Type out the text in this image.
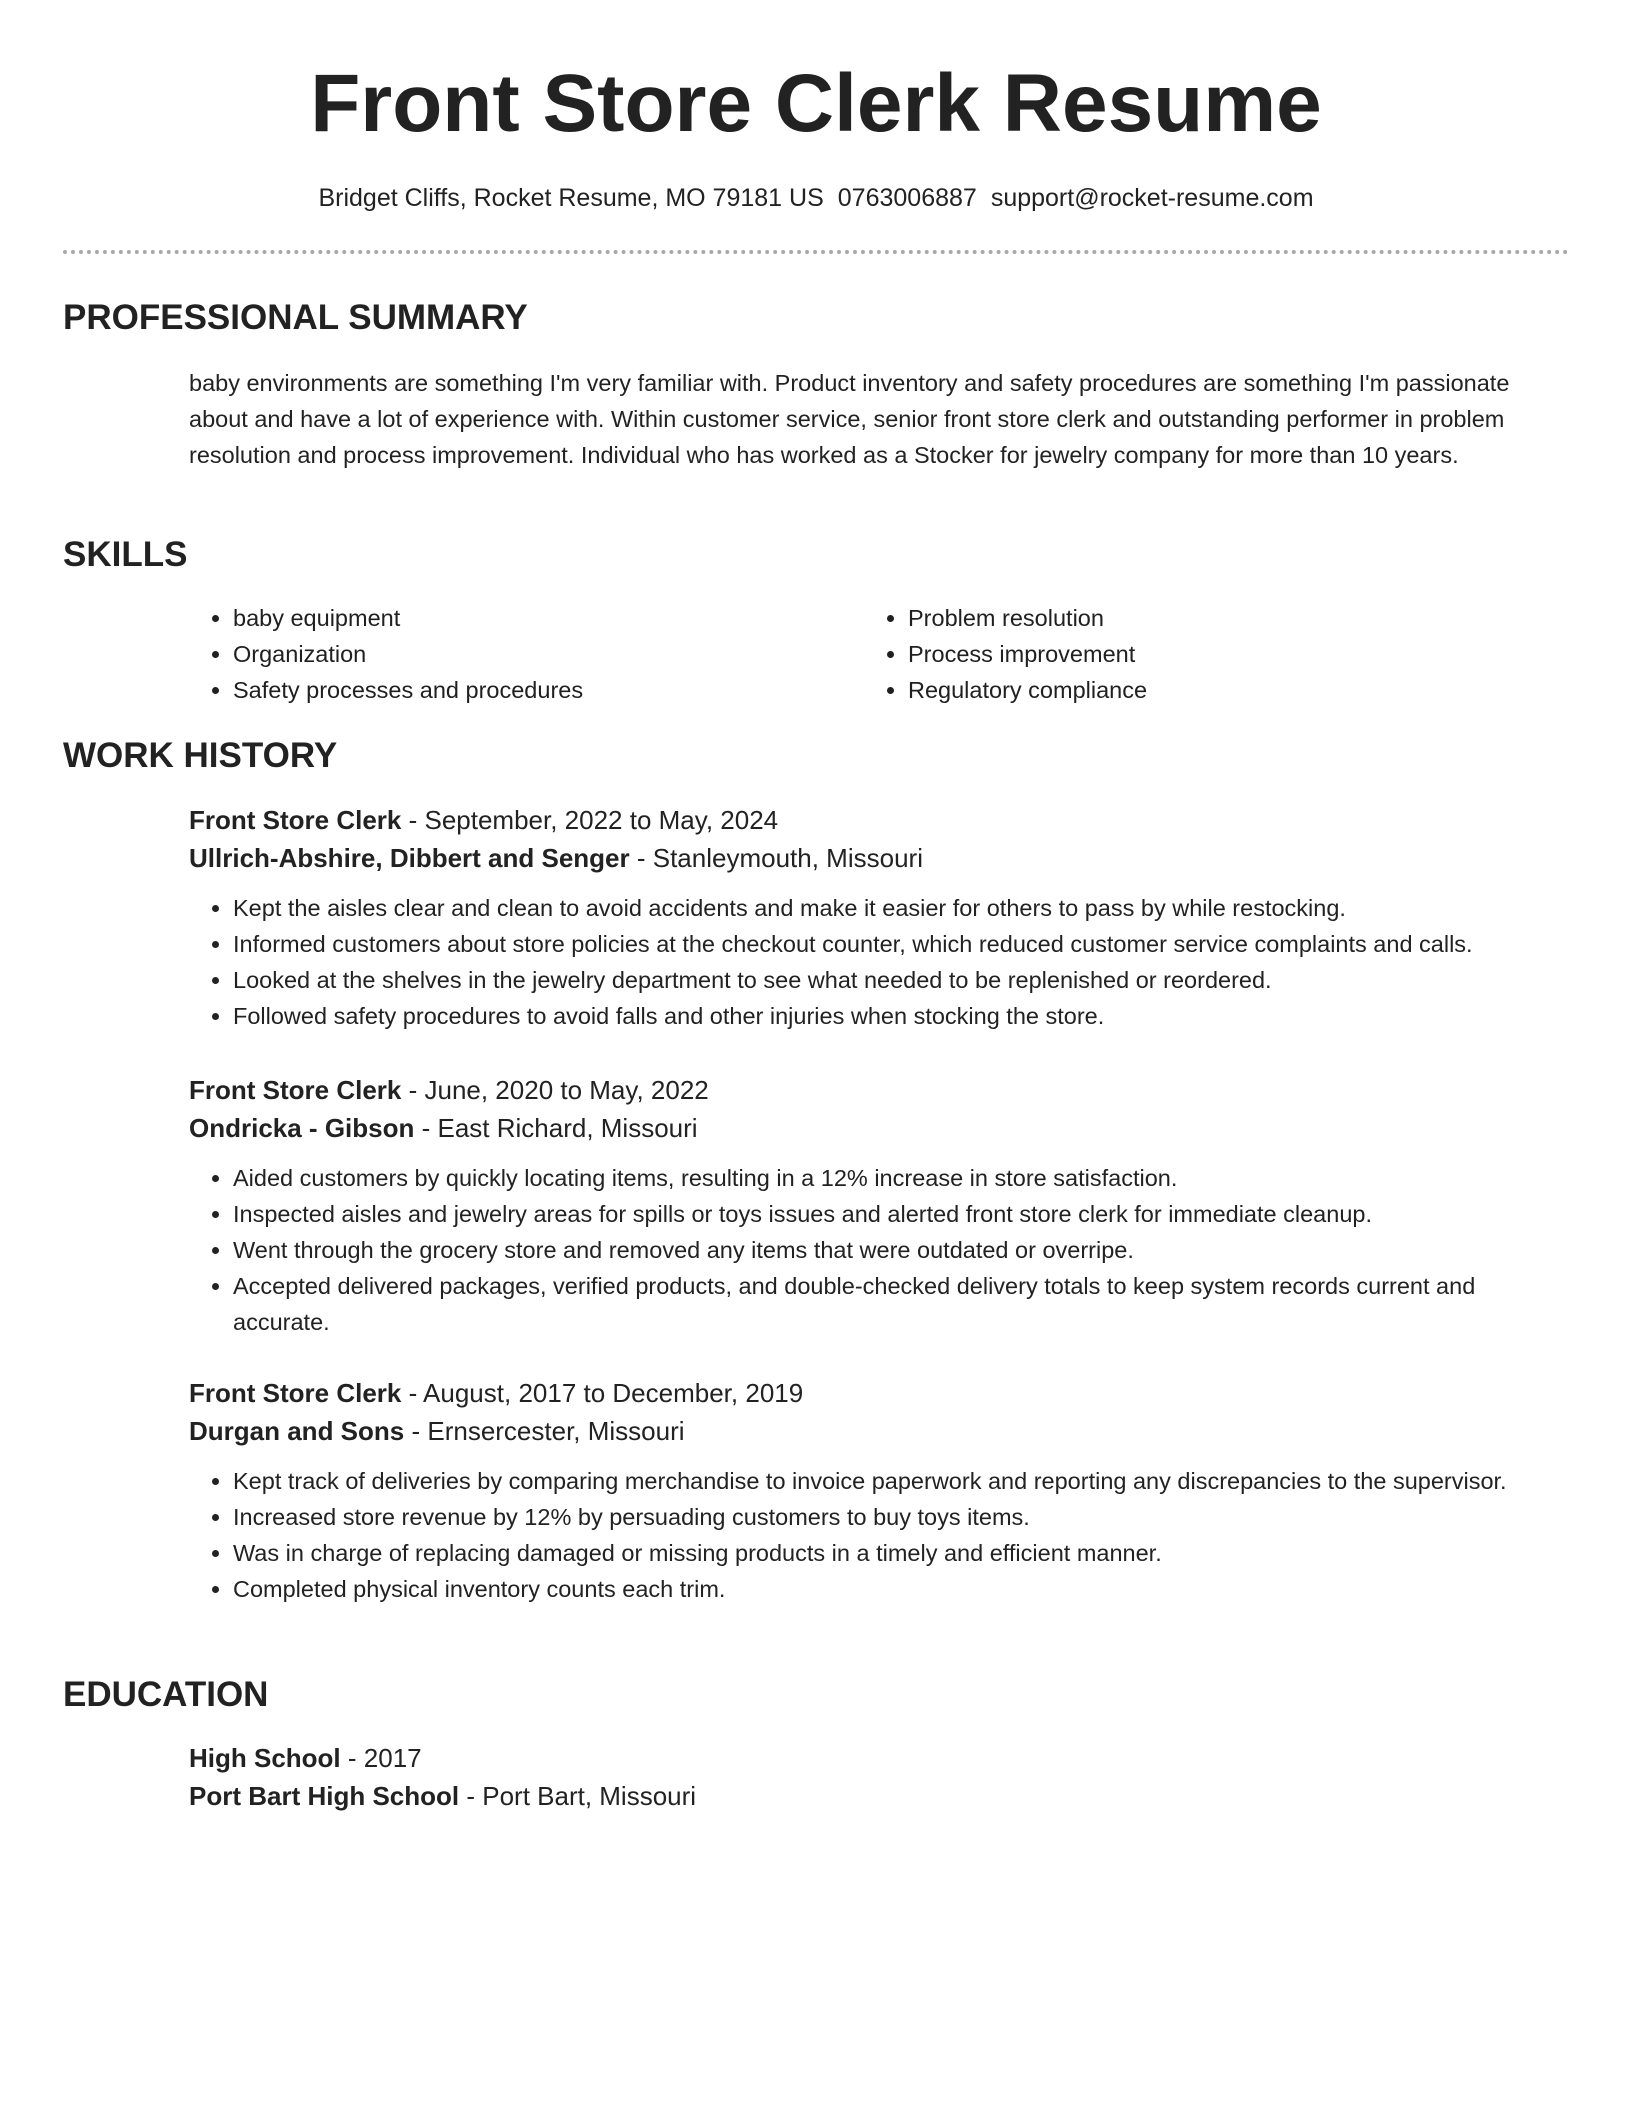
Front Store Clerk Resume
Bridget Cliffs, Rocket Resume, MO 79181 US 0763006887 support@rocket-resume.com
PROFESSIONAL SUMMARY
baby environments are something I'm very familiar with. Product inventory and safety procedures are something I'm passionate about and have a lot of experience with. Within customer service, senior front store clerk and outstanding performer in problem resolution and process improvement. Individual who has worked as a Stocker for jewelry company for more than 10 years.
SKILLS
• baby equipment
• Organization
• Safety processes and procedures
• Problem resolution
• Process improvement
• Regulatory compliance
WORK HISTORY
Front Store Clerk - September, 2022 to May, 2024
Ullrich-Abshire, Dibbert and Senger - Stanleymouth, Missouri
• Kept the aisles clear and clean to avoid accidents and make it easier for others to pass by while restocking.
• Informed customers about store policies at the checkout counter, which reduced customer service complaints and calls.
• Looked at the shelves in the jewelry department to see what needed to be replenished or reordered.
• Followed safety procedures to avoid falls and other injuries when stocking the store.
Front Store Clerk - June, 2020 to May, 2022
Ondricka - Gibson - East Richard, Missouri
• Aided customers by quickly locating items, resulting in a 12% increase in store satisfaction.
• Inspected aisles and jewelry areas for spills or toys issues and alerted front store clerk for immediate cleanup.
• Went through the grocery store and removed any items that were outdated or overripe.
• Accepted delivered packages, verified products, and double-checked delivery totals to keep system records current and accurate.
Front Store Clerk - August, 2017 to December, 2019
Durgan and Sons - Ernsercester, Missouri
• Kept track of deliveries by comparing merchandise to invoice paperwork and reporting any discrepancies to the supervisor.
• Increased store revenue by 12% by persuading customers to buy toys items.
• Was in charge of replacing damaged or missing products in a timely and efficient manner.
• Completed physical inventory counts each trim.
EDUCATION
High School - 2017
Port Bart High School - Port Bart, Missouri
